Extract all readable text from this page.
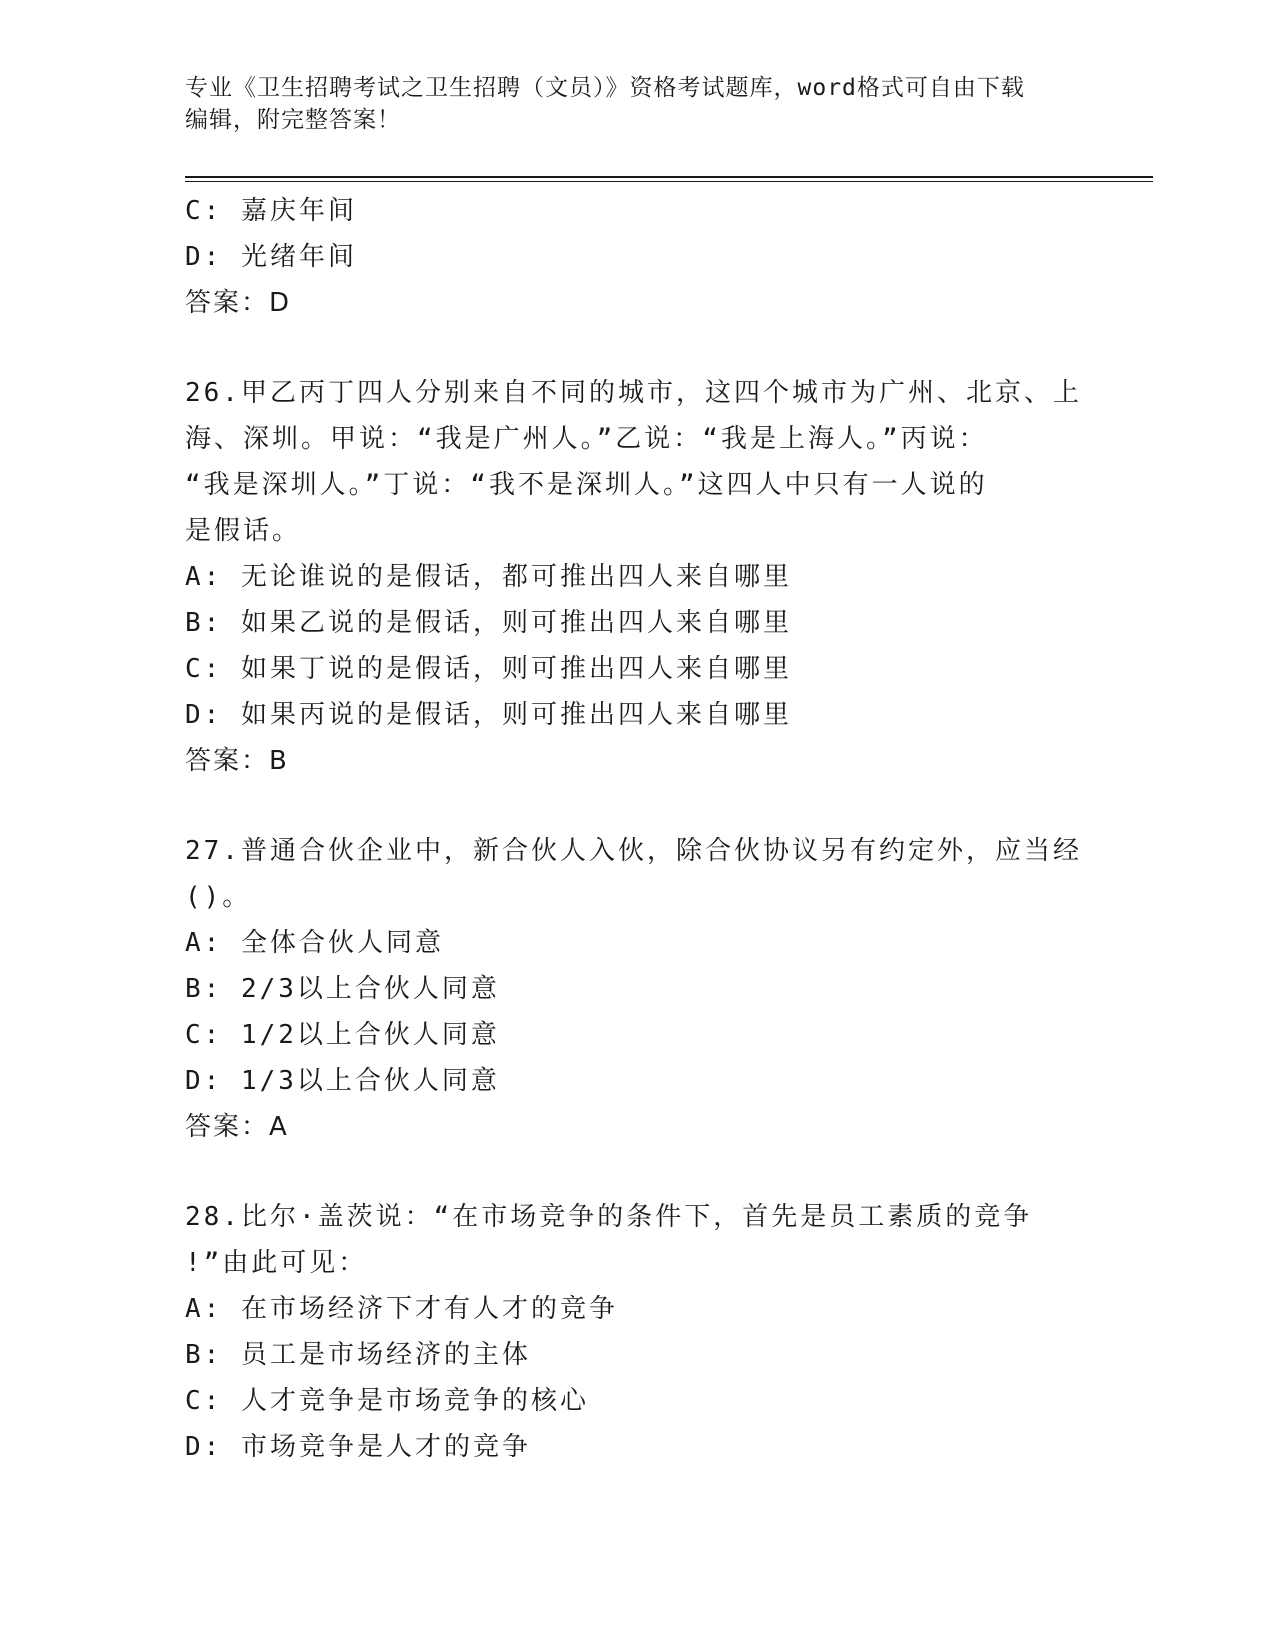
专业《卫生招聘考试之卫生招聘（文员）》资格考试题库，word格式可自由下载
编辑，附完整答案！
C: 嘉庆年间
D: 光绪年间
答案：D
26.甲乙丙丁四人分别来自不同的城市，这四个城市为广州、北京、上
海、深圳。甲说：“我是广州人。”乙说：“我是上海人。”丙说：
“我是深圳人。”丁说：“我不是深圳人。”这四人中只有一人说的
是假话。
A: 无论谁说的是假话，都可推出四人来自哪里
B: 如果乙说的是假话，则可推出四人来自哪里
C: 如果丁说的是假话，则可推出四人来自哪里
D: 如果丙说的是假话，则可推出四人来自哪里
答案：B
27.普通合伙企业中，新合伙人入伙，除合伙协议另有约定外，应当经
()。
A: 全体合伙人同意
B: 2/3以上合伙人同意
C: 1/2以上合伙人同意
D: 1/3以上合伙人同意
答案：A
28.比尔·盖茨说：“在市场竞争的条件下，首先是员工素质的竞争
!”由此可见：
A: 在市场经济下才有人才的竞争
B: 员工是市场经济的主体
C: 人才竞争是市场竞争的核心
D: 市场竞争是人才的竞争
